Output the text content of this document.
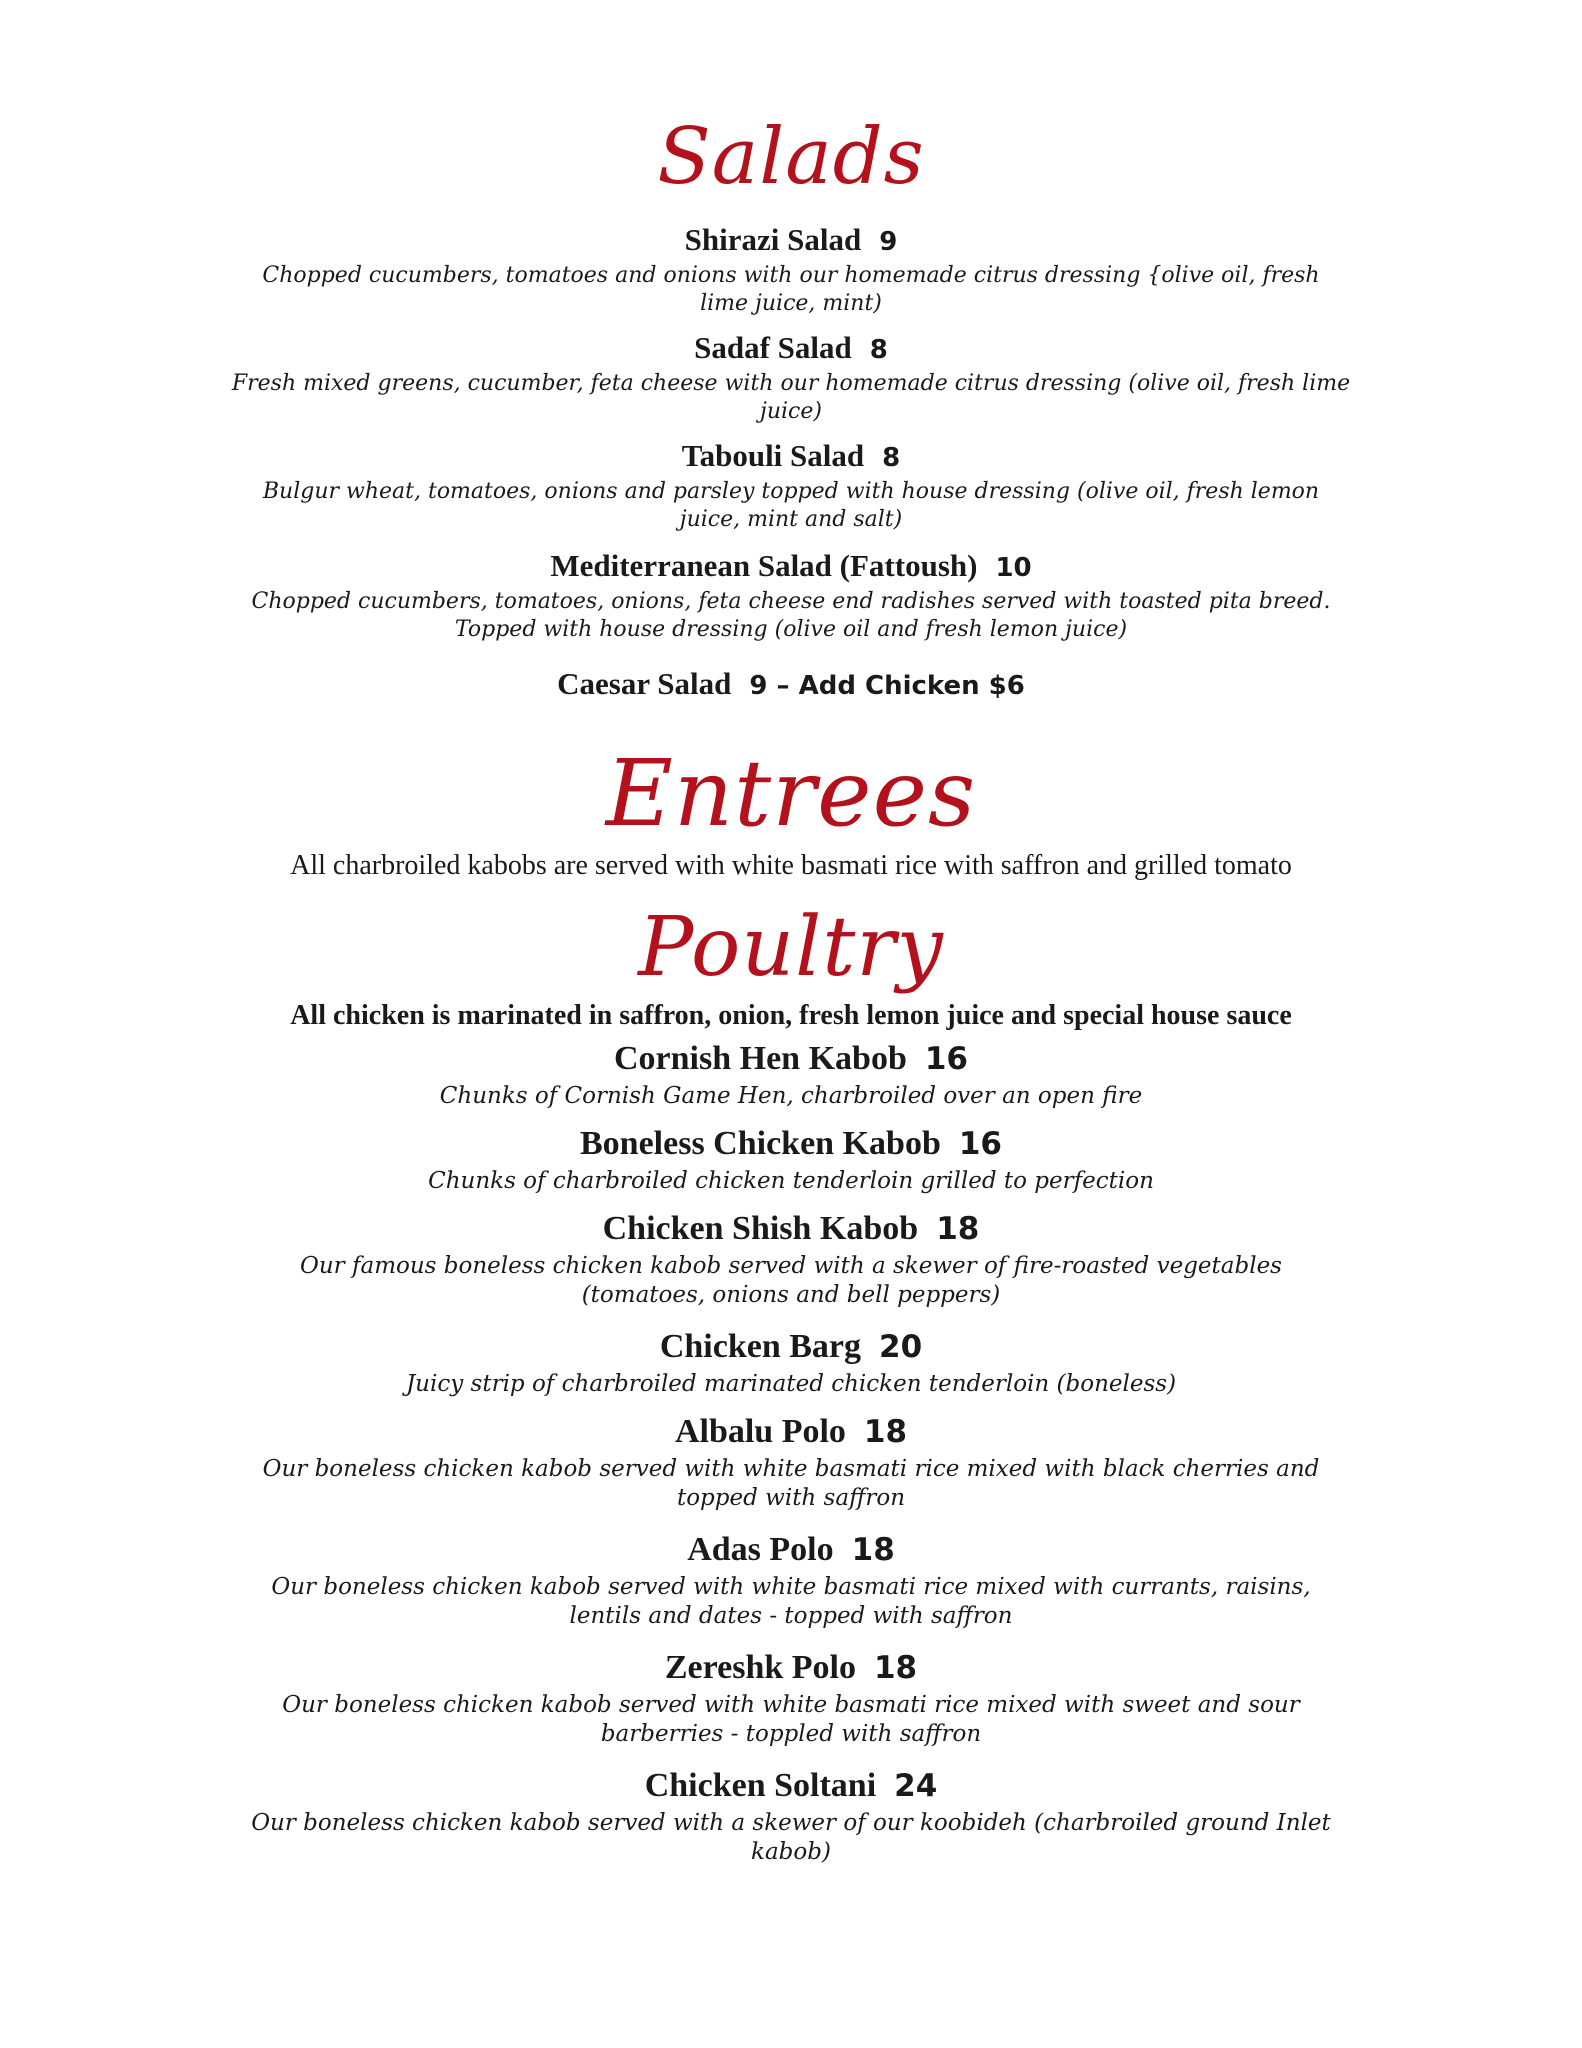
Salads
Shirazi Salad 9
Chopped cucumbers, tomatoes and onions with our homemade citrus dressing {olive oil, fresh lime juice, mint)
Sadaf Salad 8
Fresh mixed greens, cucumber, feta cheese with our homemade citrus dressing (olive oil, fresh lime juice)
Tabouli Salad 8
Bulgur wheat, tomatoes, onions and parsley topped with house dressing (olive oil, fresh lemon juice, mint and salt)
Mediterranean Salad (Fattoush) 10
Chopped cucumbers, tomatoes, onions, feta cheese end radishes served with toasted pita breed. Topped with house dressing (olive oil and fresh lemon juice)
Caesar Salad 9 – Add Chicken $6
Entrees
All charbroiled kabobs are served with white basmati rice with saffron and grilled tomato
Poultry
All chicken is marinated in saffron, onion, fresh lemon juice and special house sauce
Cornish Hen Kabob 16
Chunks of Cornish Game Hen, charbroiled over an open fire
Boneless Chicken Kabob 16
Chunks of charbroiled chicken tenderloin grilled to perfection
Chicken Shish Kabob 18
Our famous boneless chicken kabob served with a skewer of fire-roasted vegetables (tomatoes, onions and bell peppers)
Chicken Barg 20
Juicy strip of charbroiled marinated chicken tenderloin (boneless)
Albalu Polo 18
Our boneless chicken kabob served with white basmati rice mixed with black cherries and topped with saffron
Adas Polo 18
Our boneless chicken kabob served with white basmati rice mixed with currants, raisins, lentils and dates - topped with saffron
Zereshk Polo 18
Our boneless chicken kabob served with white basmati rice mixed with sweet and sour barberries - toppled with saffron
Chicken Soltani 24
Our boneless chicken kabob served with a skewer of our koobideh (charbroiled ground Inlet kabob)
